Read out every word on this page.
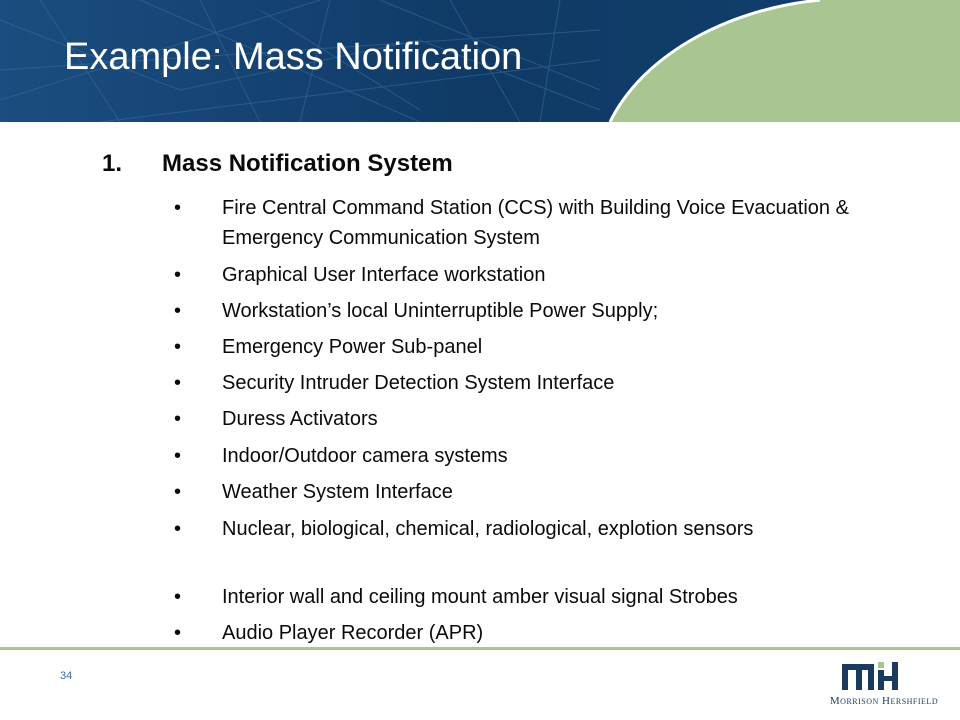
Example: Mass Notification
1. Mass Notification System
• Fire Central Command Station (CCS) with Building Voice Evacuation & Emergency Communication System
• Graphical User Interface workstation
• Workstation’s local Uninterruptible Power Supply;
• Emergency Power Sub-panel
• Security Intruder Detection System Interface
• Duress Activators
• Indoor/Outdoor camera systems
• Weather System Interface
• Nuclear, biological, chemical, radiological, explotion sensors
• Interior wall and ceiling mount amber visual signal Strobes
• Audio Player Recorder (APR)
34
Morrison Hershfield
